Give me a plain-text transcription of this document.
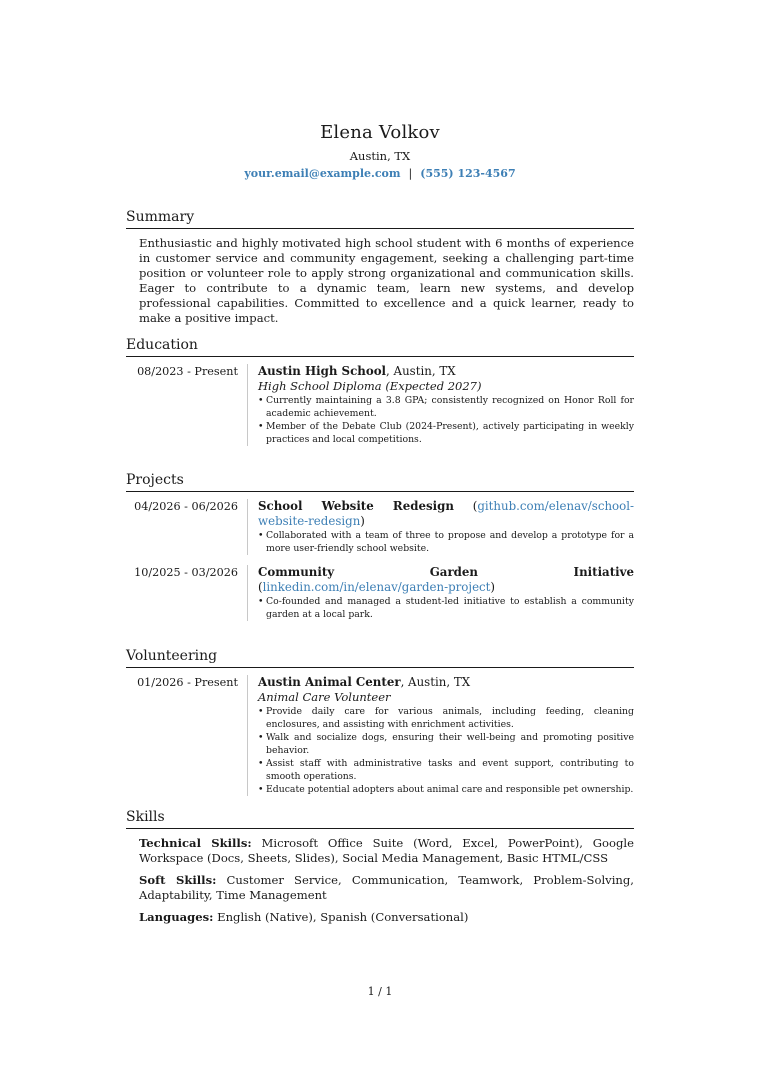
Elena Volkov
Austin, TX
your.email@example.com | (555) 123-4567
Summary
Enthusiastic and highly motivated high school student with 6 months of experience in customer service and community engagement, seeking a challenging part-time position or volunteer role to apply strong organizational and communication skills. Eager to contribute to a dynamic team, learn new systems, and develop professional capabilities. Committed to excellence and a quick learner, ready to make a positive impact.
Education
08/2023 - Present	Austin High School, Austin, TX
High School Diploma (Expected 2027)
• Currently maintaining a 3.8 GPA; consistently recognized on Honor Roll for academic achievement.
• Member of the Debate Club (2024-Present), actively participating in weekly practices and local competitions.
Projects
04/2026 - 06/2026	School Website Redesign (github.com/elenav/school-website-redesign)
• Collaborated with a team of three to propose and develop a prototype for a more user-friendly school website.
10/2025 - 03/2026	Community Garden Initiative (linkedin.com/in/elenav/garden-project)
• Co-founded and managed a student-led initiative to establish a community garden at a local park.
Volunteering
01/2026 - Present	Austin Animal Center, Austin, TX
Animal Care Volunteer
• Provide daily care for various animals, including feeding, cleaning enclosures, and assisting with enrichment activities.
• Walk and socialize dogs, ensuring their well-being and promoting positive behavior.
• Assist staff with administrative tasks and event support, contributing to smooth operations.
• Educate potential adopters about animal care and responsible pet ownership.
Skills
Technical Skills: Microsoft Office Suite (Word, Excel, PowerPoint), Google Workspace (Docs, Sheets, Slides), Social Media Management, Basic HTML/CSS
Soft Skills: Customer Service, Communication, Teamwork, Problem-Solving, Adaptability, Time Management
Languages: English (Native), Spanish (Conversational)
1 / 1
